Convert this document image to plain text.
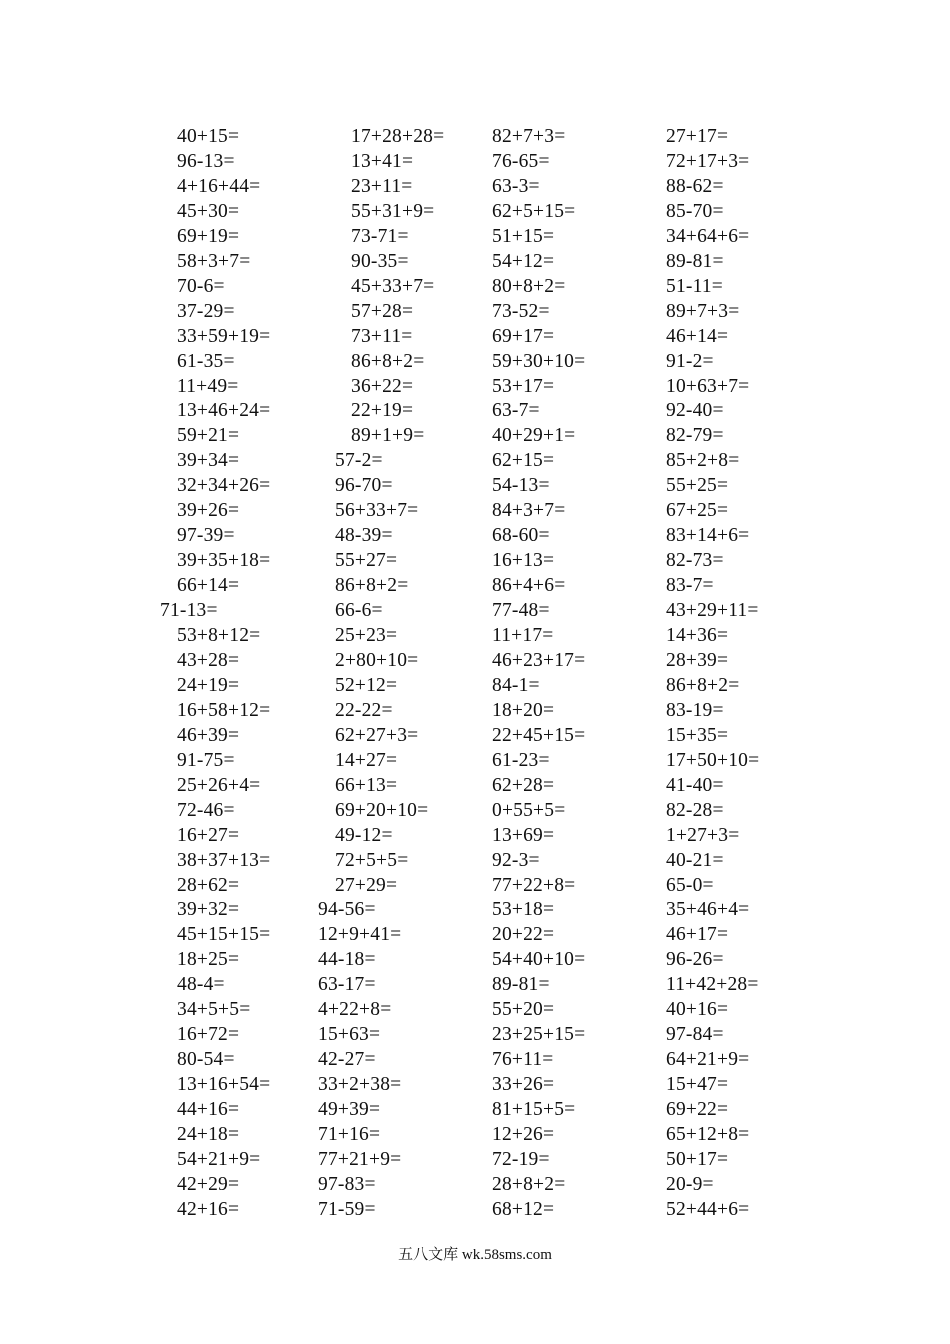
40+15=
96-13=
4+16+44=
45+30=
69+19=
58+3+7=
70-6=
37-29=
33+59+19=
61-35=
11+49=
13+46+24=
59+21=
39+34=
32+34+26=
39+26=
97-39=
39+35+18=
66+14=
71-13=
53+8+12=
43+28=
24+19=
16+58+12=
46+39=
91-75=
25+26+4=
72-46=
16+27=
38+37+13=
28+62=
39+32=
45+15+15=
18+25=
48-4=
34+5+5=
16+72=
80-54=
13+16+54=
44+16=
24+18=
54+21+9=
42+29=
42+16=
17+28+28=
13+41=
23+11=
55+31+9=
73-71=
90-35=
45+33+7=
57+28=
73+11=
86+8+2=
36+22=
22+19=
89+1+9=
57-2=
96-70=
56+33+7=
48-39=
55+27=
86+8+2=
66-6=
25+23=
2+80+10=
52+12=
22-22=
62+27+3=
14+27=
66+13=
69+20+10=
49-12=
72+5+5=
27+29=
94-56=
12+9+41=
44-18=
63-17=
4+22+8=
15+63=
42-27=
33+2+38=
49+39=
71+16=
77+21+9=
97-83=
71-59=
82+7+3=
76-65=
63-3=
62+5+15=
51+15=
54+12=
80+8+2=
73-52=
69+17=
59+30+10=
53+17=
63-7=
40+29+1=
62+15=
54-13=
84+3+7=
68-60=
16+13=
86+4+6=
77-48=
11+17=
46+23+17=
84-1=
18+20=
22+45+15=
61-23=
62+28=
0+55+5=
13+69=
92-3=
77+22+8=
53+18=
20+22=
54+40+10=
89-81=
55+20=
23+25+15=
76+11=
33+26=
81+15+5=
12+26=
72-19=
28+8+2=
68+12=
27+17=
72+17+3=
88-62=
85-70=
34+64+6=
89-81=
51-11=
89+7+3=
46+14=
91-2=
10+63+7=
92-40=
82-79=
85+2+8=
55+25=
67+25=
83+14+6=
82-73=
83-7=
43+29+11=
14+36=
28+39=
86+8+2=
83-19=
15+35=
17+50+10=
41-40=
82-28=
1+27+3=
40-21=
65-0=
35+46+4=
46+17=
96-26=
11+42+28=
40+16=
97-84=
64+21+9=
15+47=
69+22=
65+12+8=
50+17=
20-9=
52+44+6=
五八文库 wk.58sms.com
